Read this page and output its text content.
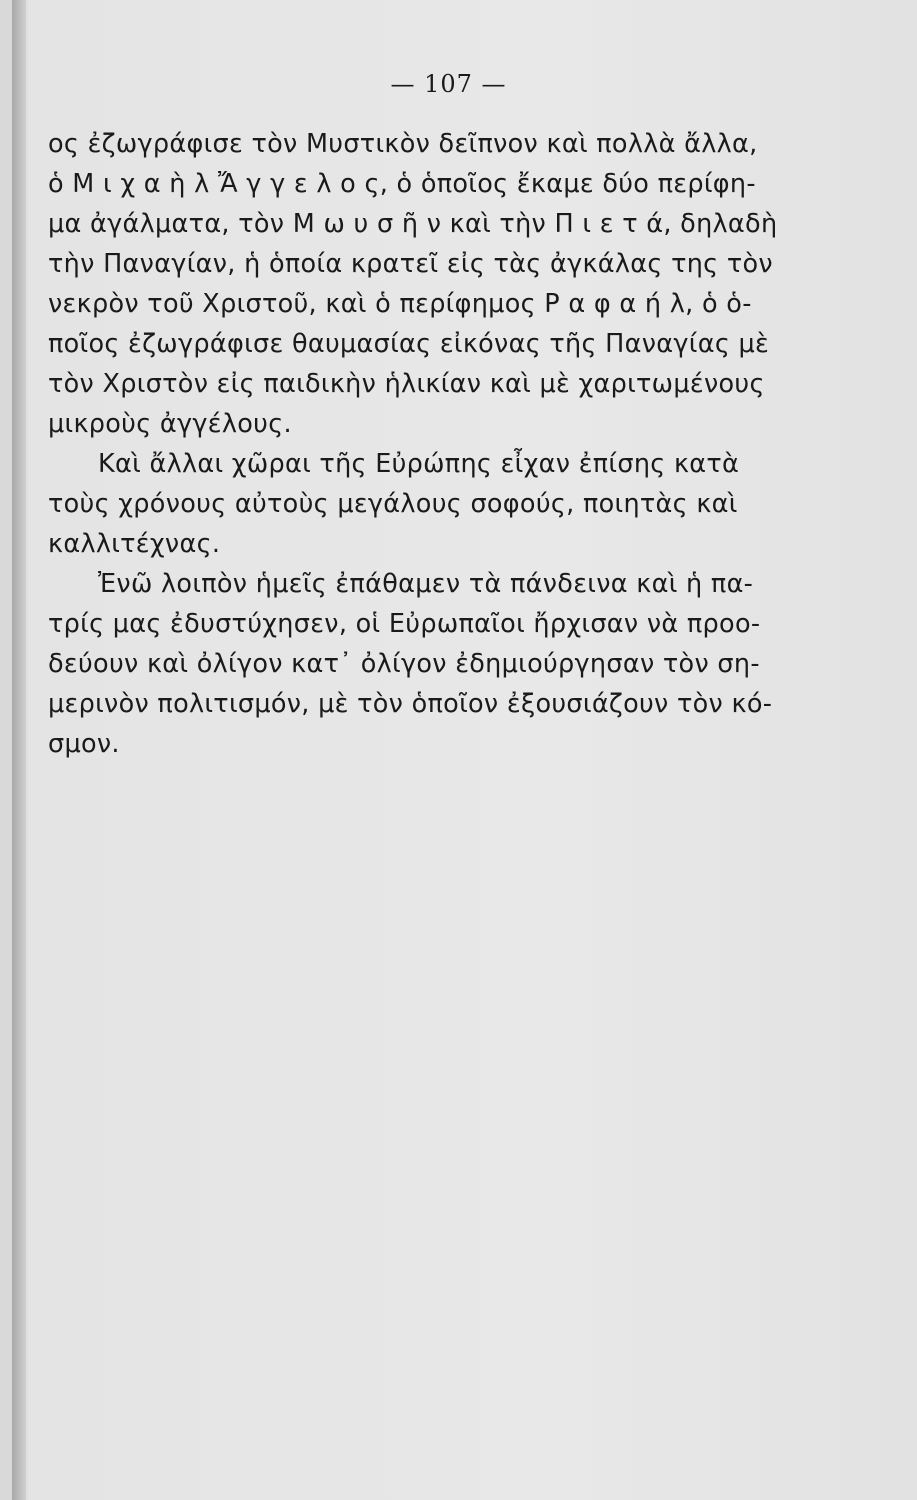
— 107 —
ος ἐζωγράφισε τὸν Μυστικὸν δεῖπνον καὶ πολλὰ ἄλλα,
ὁ Μ ι χ α ὴ λ Ἄ γ γ ε λ ο ς, ὁ ὁποῖος ἔκαμε δύο περίφη-
μα ἀγάλματα, τὸν Μ ω υ σ ῆ ν καὶ τὴν Π ι ε τ ά, δηλαδὴ
τὴν Παναγίαν, ἡ ὁποία κρατεῖ εἰς τὰς ἀγκάλας της τὸν
νεκρὸν τοῦ Χριστοῦ, καὶ ὁ περίφημος Ρ α φ α ή λ, ὁ ὁ-
ποῖος ἐζωγράφισε θαυμασίας εἰκόνας τῆς Παναγίας μὲ
τὸν Χριστὸν εἰς παιδικὴν ἡλικίαν καὶ μὲ χαριτωμένους
μικροὺς ἀγγέλους.
Καὶ ἄλλαι χῶραι τῆς Εὐρώπης εἶχαν ἐπίσης κατὰ
τοὺς χρόνους αὐτοὺς μεγάλους σοφούς, ποιητὰς καὶ
καλλιτέχνας.
Ἐνῶ λοιπὸν ἡμεῖς ἐπάθαμεν τὰ πάνδεινα καὶ ἡ πα-
τρίς μας ἐδυστύχησεν, οἱ Εὐρωπαῖοι ἤρχισαν νὰ προο-
δεύουν καὶ ὀλίγον κατ᾽ ὀλίγον ἐδημιούργησαν τὸν ση-
μερινὸν πολιτισμόν, μὲ τὸν ὁποῖον ἐξουσιάζουν τὸν κό-
σμον.
